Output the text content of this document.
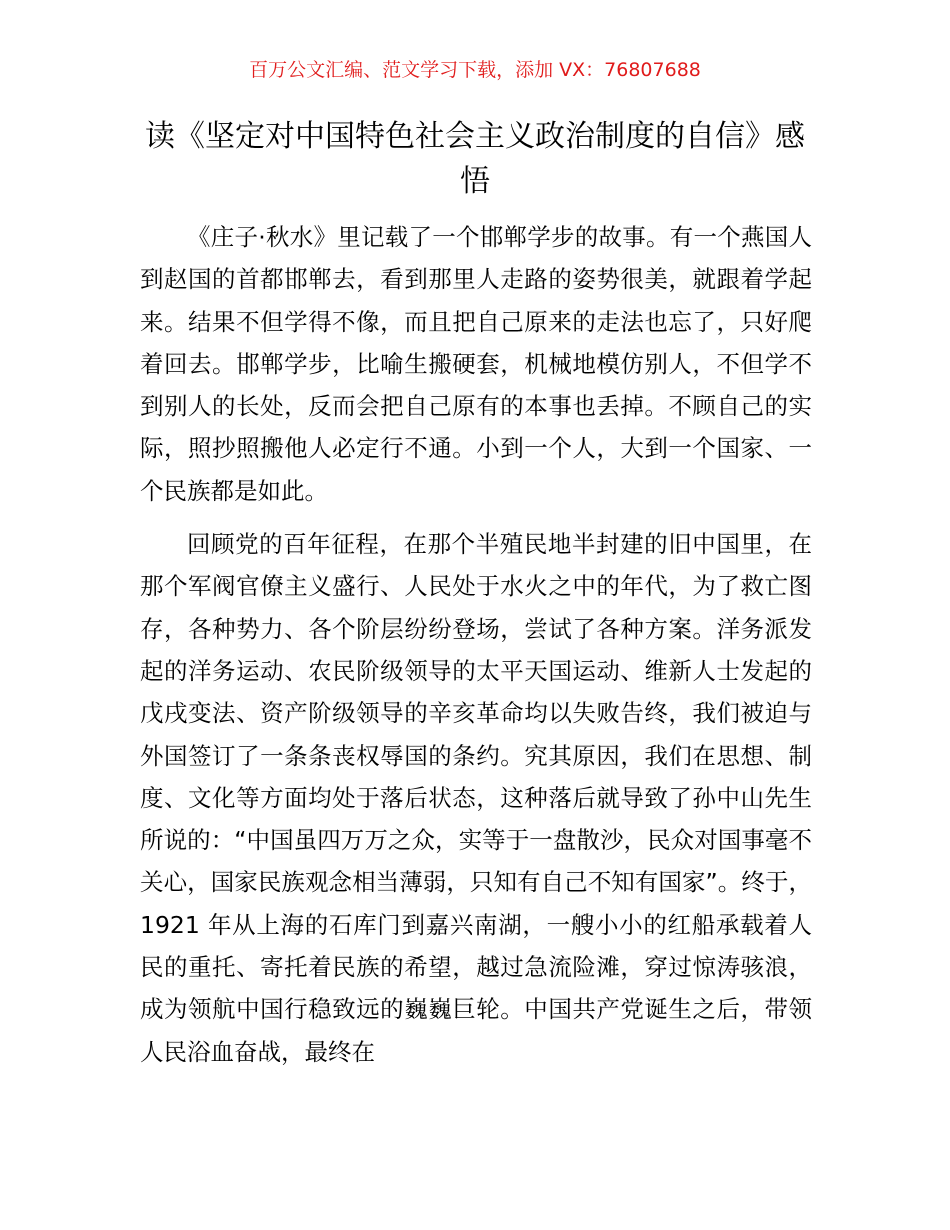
百万公文汇编、范文学习下载，添加 VX：76807688
读《坚定对中国特色社会主义政治制度的自信》感悟

《庄子·秋水》里记载了一个邯郸学步的故事。有一个燕国人到赵国的首都邯郸去，看到那里人走路的姿势很美，就跟着学起来。结果不但学得不像，而且把自己原来的走法也忘了，只好爬着回去。邯郸学步，比喻生搬硬套，机械地模仿别人，不但学不到别人的长处，反而会把自己原有的本事也丢掉。不顾自己的实际，照抄照搬他人必定行不通。小到一个人，大到一个国家、一个民族都是如此。

回顾党的百年征程，在那个半殖民地半封建的旧中国里，在那个军阀官僚主义盛行、人民处于水火之中的年代，为了救亡图存，各种势力、各个阶层纷纷登场，尝试了各种方案。洋务派发起的洋务运动、农民阶级领导的太平天国运动、维新人士发起的戊戌变法、资产阶级领导的辛亥革命均以失败告终，我们被迫与外国签订了一条条丧权辱国的条约。究其原因，我们在思想、制度、文化等方面均处于落后状态，这种落后就导致了孙中山先生所说的：“中国虽四万万之众，实等于一盘散沙，民众对国事毫不关心，国家民族观念相当薄弱，只知有自己不知有国家”。终于，1921 年从上海的石库门到嘉兴南湖，一艘小小的红船承载着人民的重托、寄托着民族的希望，越过急流险滩，穿过惊涛骇浪，成为领航中国行稳致远的巍巍巨轮。中国共产党诞生之后，带领人民浴血奋战，最终在
